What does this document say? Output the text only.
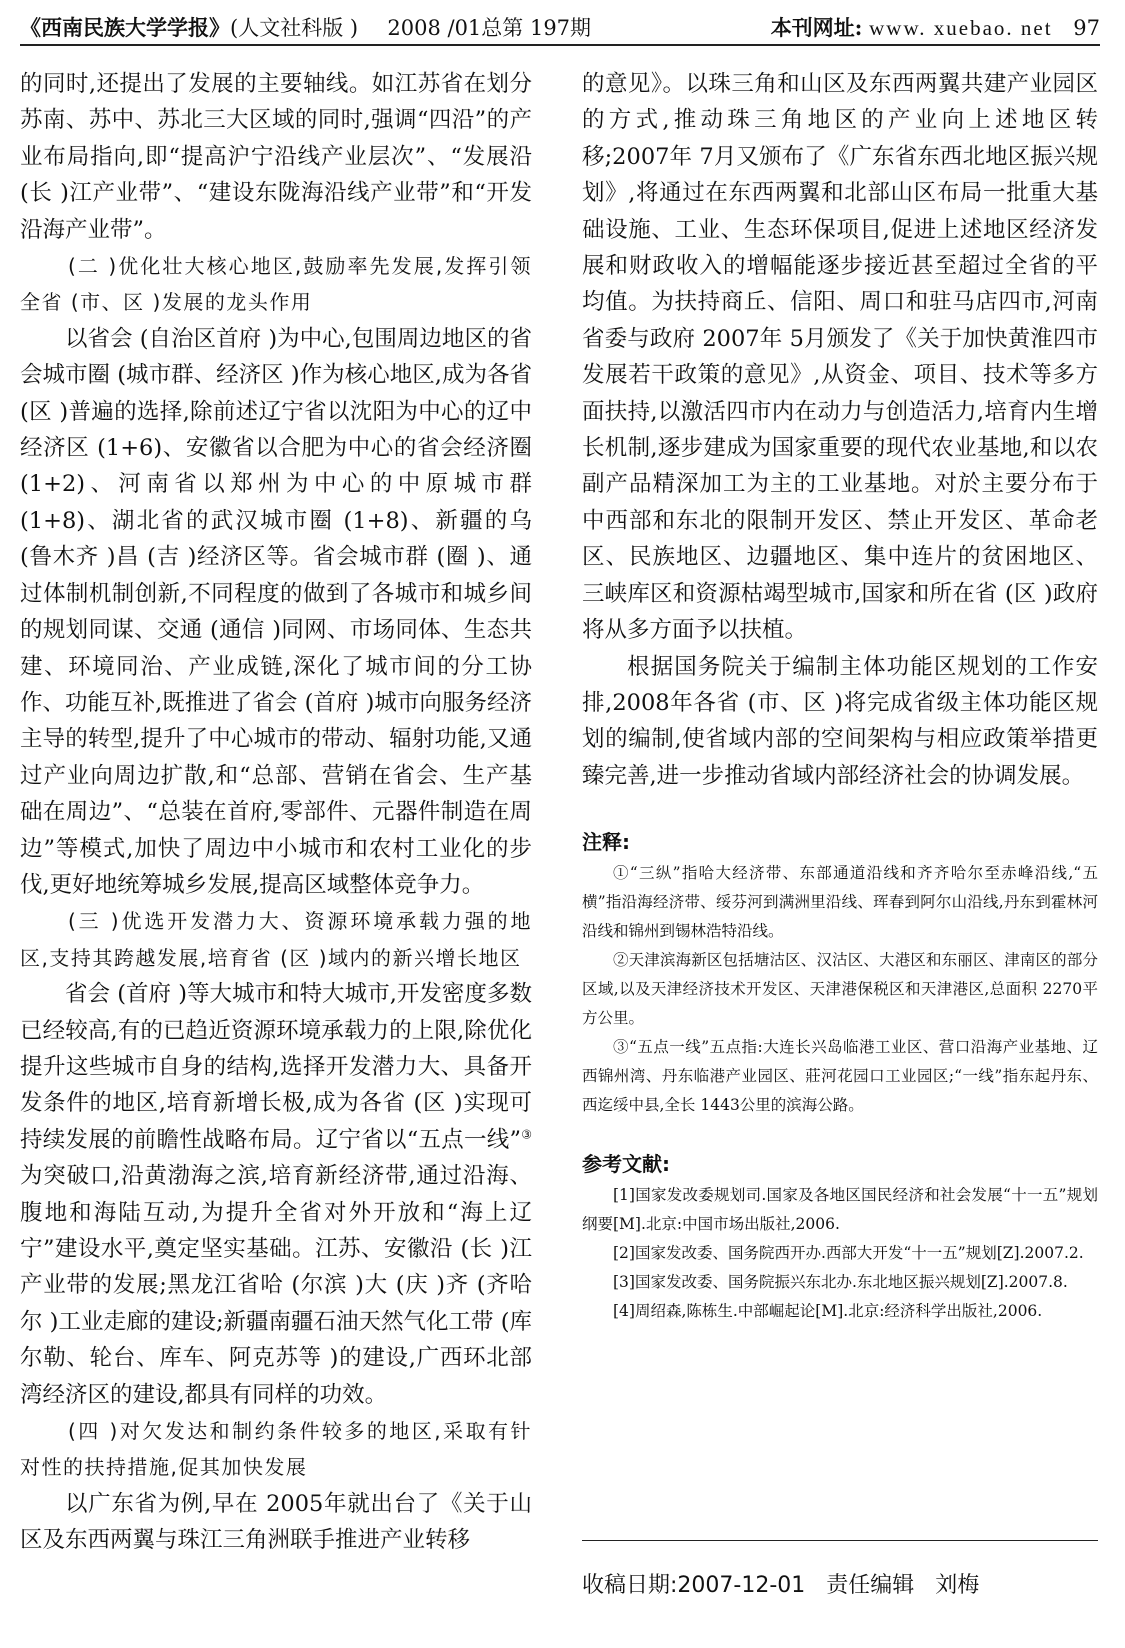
《西南民族大学学报》(人文社科版 ) 2008 /01总第 197期	本刊网址: www. xuebao. net 97

的同时,还提出了发展的主要轴线。如江苏省在划分苏南、苏中、苏北三大区域的同时,强调“四沿”的产业布局指向,即“提高沪宁沿线产业层次”、“发展沿 (长 )江产业带”、“建设东陇海沿线产业带”和“开发沿海产业带”。

(二 )优化壮大核心地区,鼓励率先发展,发挥引领全省 (市、区 )发展的龙头作用

以省会 (自治区首府 )为中心,包围周边地区的省会城市圈 (城市群、经济区 )作为核心地区,成为各省 (区 )普遍的选择,除前述辽宁省以沈阳为中心的辽中经济区 (1+6)、安徽省以合肥为中心的省会经济圈 (1+2)、河南省以郑州为中心的中原城市群 (1+8)、湖北省的武汉城市圈 (1+8)、新疆的乌 (鲁木齐 )昌 (吉 )经济区等。省会城市群 (圈 )、通过体制机制创新,不同程度的做到了各城市和城乡间的规划同谋、交通 (通信 )同网、市场同体、生态共建、环境同治、产业成链,深化了城市间的分工协作、功能互补,既推进了省会 (首府 )城市向服务经济主导的转型,提升了中心城市的带动、辐射功能,又通过产业向周边扩散,和“总部、营销在省会、生产基础在周边”、“总装在首府,零部件、元器件制造在周边”等模式,加快了周边中小城市和农村工业化的步伐,更好地统筹城乡发展,提高区域整体竞争力。

(三 )优选开发潜力大、资源环境承载力强的地区,支持其跨越发展,培育省 (区 )域内的新兴增长地区

省会 (首府 )等大城市和特大城市,开发密度多数已经较高,有的已趋近资源环境承载力的上限,除优化提升这些城市自身的结构,选择开发潜力大、具备开发条件的地区,培育新增长极,成为各省 (区 )实现可持续发展的前瞻性战略布局。辽宁省以“五点一线”③为突破口,沿黄渤海之滨,培育新经济带,通过沿海、腹地和海陆互动,为提升全省对外开放和“海上辽宁”建设水平,奠定坚实基础。江苏、安徽沿 (长 )江产业带的发展;黑龙江省哈 (尔滨 )大 (庆 )齐 (齐哈尔 )工业走廊的建设;新疆南疆石油天然气化工带 (库尔勒、轮台、库车、阿克苏等 )的建设,广西环北部湾经济区的建设,都具有同样的功效。

(四 )对欠发达和制约条件较多的地区,采取有针对性的扶持措施,促其加快发展

以广东省为例,早在 2005年就出台了《关于山区及东西两翼与珠江三角洲联手推进产业转移

的意见》。以珠三角和山区及东西两翼共建产业园区的方式,推动珠三角地区的产业向上述地区转移;2007年 7月又颁布了《广东省东西北地区振兴规划》,将通过在东西两翼和北部山区布局一批重大基础设施、工业、生态环保项目,促进上述地区经济发展和财政收入的增幅能逐步接近甚至超过全省的平均值。为扶持商丘、信阳、周口和驻马店四市,河南省委与政府 2007年 5月颁发了《关于加快黄淮四市发展若干政策的意见》,从资金、项目、技术等多方面扶持,以激活四市内在动力与创造活力,培育内生增长机制,逐步建成为国家重要的现代农业基地,和以农副产品精深加工为主的工业基地。对於主要分布于中西部和东北的限制开发区、禁止开发区、革命老区、民族地区、边疆地区、集中连片的贫困地区、三峡库区和资源枯竭型城市,国家和所在省 (区 )政府将从多方面予以扶植。

根据国务院关于编制主体功能区规划的工作安排,2008年各省 (市、区 )将完成省级主体功能区规划的编制,使省域内部的空间架构与相应政策举措更臻完善,进一步推动省域内部经济社会的协调发展。

注释:

①“三纵”指哈大经济带、东部通道沿线和齐齐哈尔至赤峰沿线,“五横”指沿海经济带、绥芬河到满洲里沿线、珲春到阿尔山沿线,丹东到霍林河沿线和锦州到锡林浩特沿线。

②天津滨海新区包括塘沽区、汉沽区、大港区和东丽区、津南区的部分区域,以及天津经济技术开发区、天津港保税区和天津港区,总面积 2270平方公里。

③“五点一线”五点指:大连长兴岛临港工业区、营口沿海产业基地、辽西锦州湾、丹东临港产业园区、莊河花园口工业园区;“一线”指东起丹东、西迄绥中县,全长 1443公里的滨海公路。

参考文献:

[1]国家发改委规划司.国家及各地区国民经济和社会发展“十一五”规划纲要[M].北京:中国市场出版社,2006.

[2]国家发改委、国务院西开办.西部大开发“十一五”规划[Z].2007.2.

[3]国家发改委、国务院振兴东北办.东北地区振兴规划[Z].2007.8.

[4]周绍森,陈栋生.中部崛起论[M].北京:经济科学出版社,2006.

收稿日期:2007-12-01 责任编辑 刘梅
